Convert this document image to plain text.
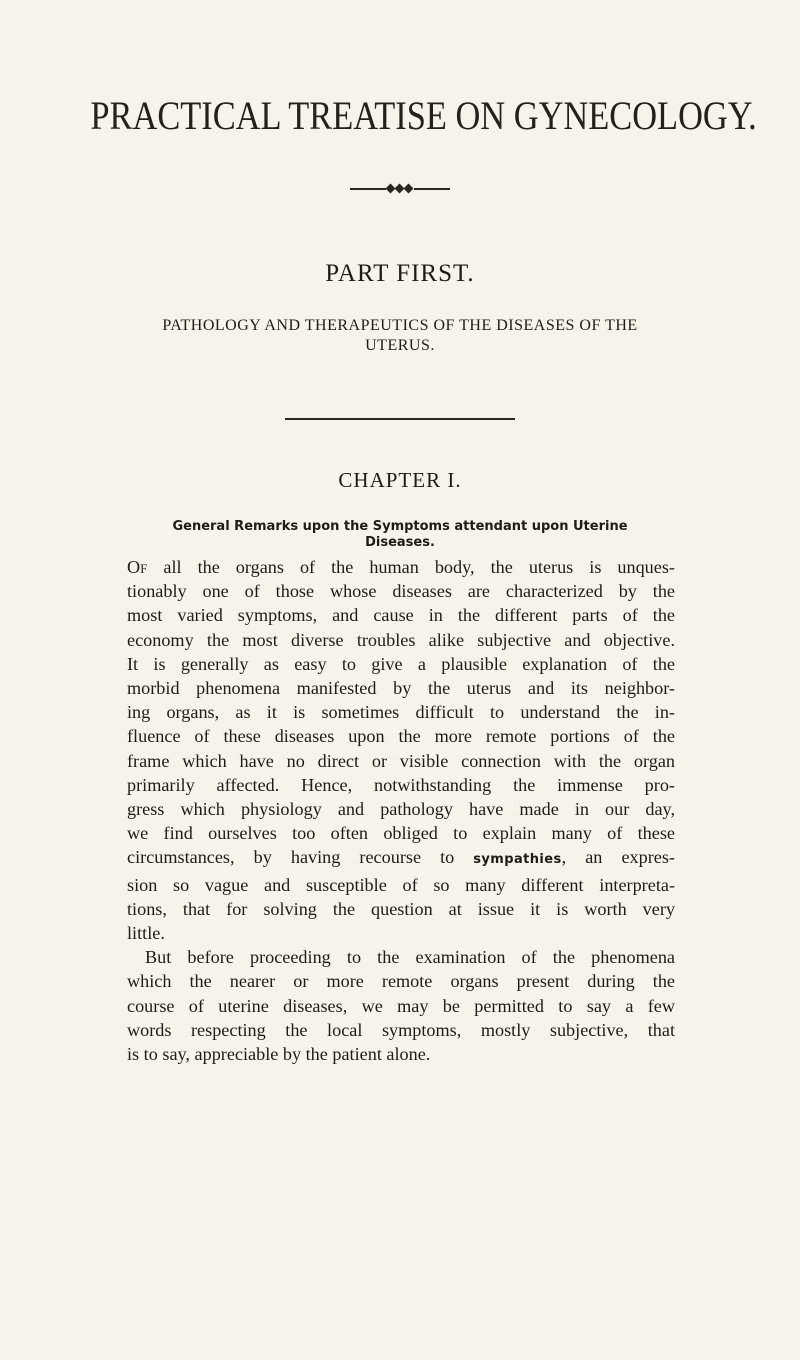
PRACTICAL TREATISE ON GYNECOLOGY.
PART FIRST.
PATHOLOGY AND THERAPEUTICS OF THE DISEASES OF THE
UTERUS.
CHAPTER I.
General Remarks upon the Symptoms attendant upon Uterine
Diseases.

Of all the organs of the human body, the uterus is unques-
tionably one of those whose diseases are characterized by the
most varied symptoms, and cause in the different parts of the
economy the most diverse troubles alike subjective and objective.
It is generally as easy to give a plausible explanation of the
morbid phenomena manifested by the uterus and its neighbor-
ing organs, as it is sometimes difficult to understand the in-
fluence of these diseases upon the more remote portions of the
frame which have no direct or visible connection with the organ
primarily affected. Hence, notwithstanding the immense pro-
gress which physiology and pathology have made in our day,
we find ourselves too often obliged to explain many of these
circumstances, by having recourse to sympathies, an expres-
sion so vague and susceptible of so many different interpreta-
tions, that for solving the question at issue it is worth very
little.

But before proceeding to the examination of the phenomena
which the nearer or more remote organs present during the
course of uterine diseases, we may be permitted to say a few
words respecting the local symptoms, mostly subjective, that
is to say, appreciable by the patient alone.
